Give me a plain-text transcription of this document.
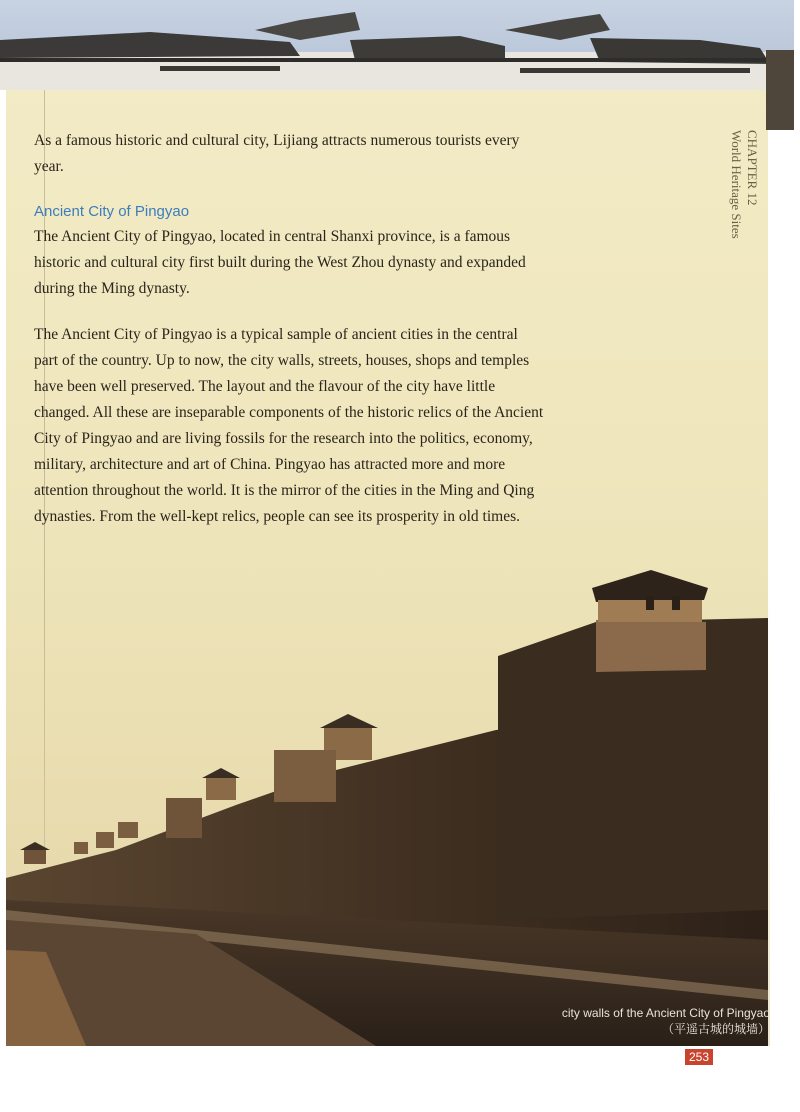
CHAPTER 12
World Heritage Sites

As a famous historic and cultural city, Lijiang attracts numerous tourists every year.

Ancient City of Pingyao

The Ancient City of Pingyao, located in central Shanxi province, is a famous historic and cultural city first built during the West Zhou dynasty and expanded during the Ming dynasty.

The Ancient City of Pingyao is a typical sample of ancient cities in the central part of the country. Up to now, the city walls, streets, houses, shops and temples have been well preserved. The layout and the flavour of the city have little changed. All these are inseparable components of the historic relics of the Ancient City of Pingyao and are living fossils for the research into the politics, economy, military, architecture and art of China. Pingyao has attracted more and more attention throughout the world. It is the mirror of the cities in the Ming and Qing dynasties. From the well-kept relics, people can see its prosperity in old times.

city walls of the Ancient City of Pingyao
（平遥古城的城墙）
253
